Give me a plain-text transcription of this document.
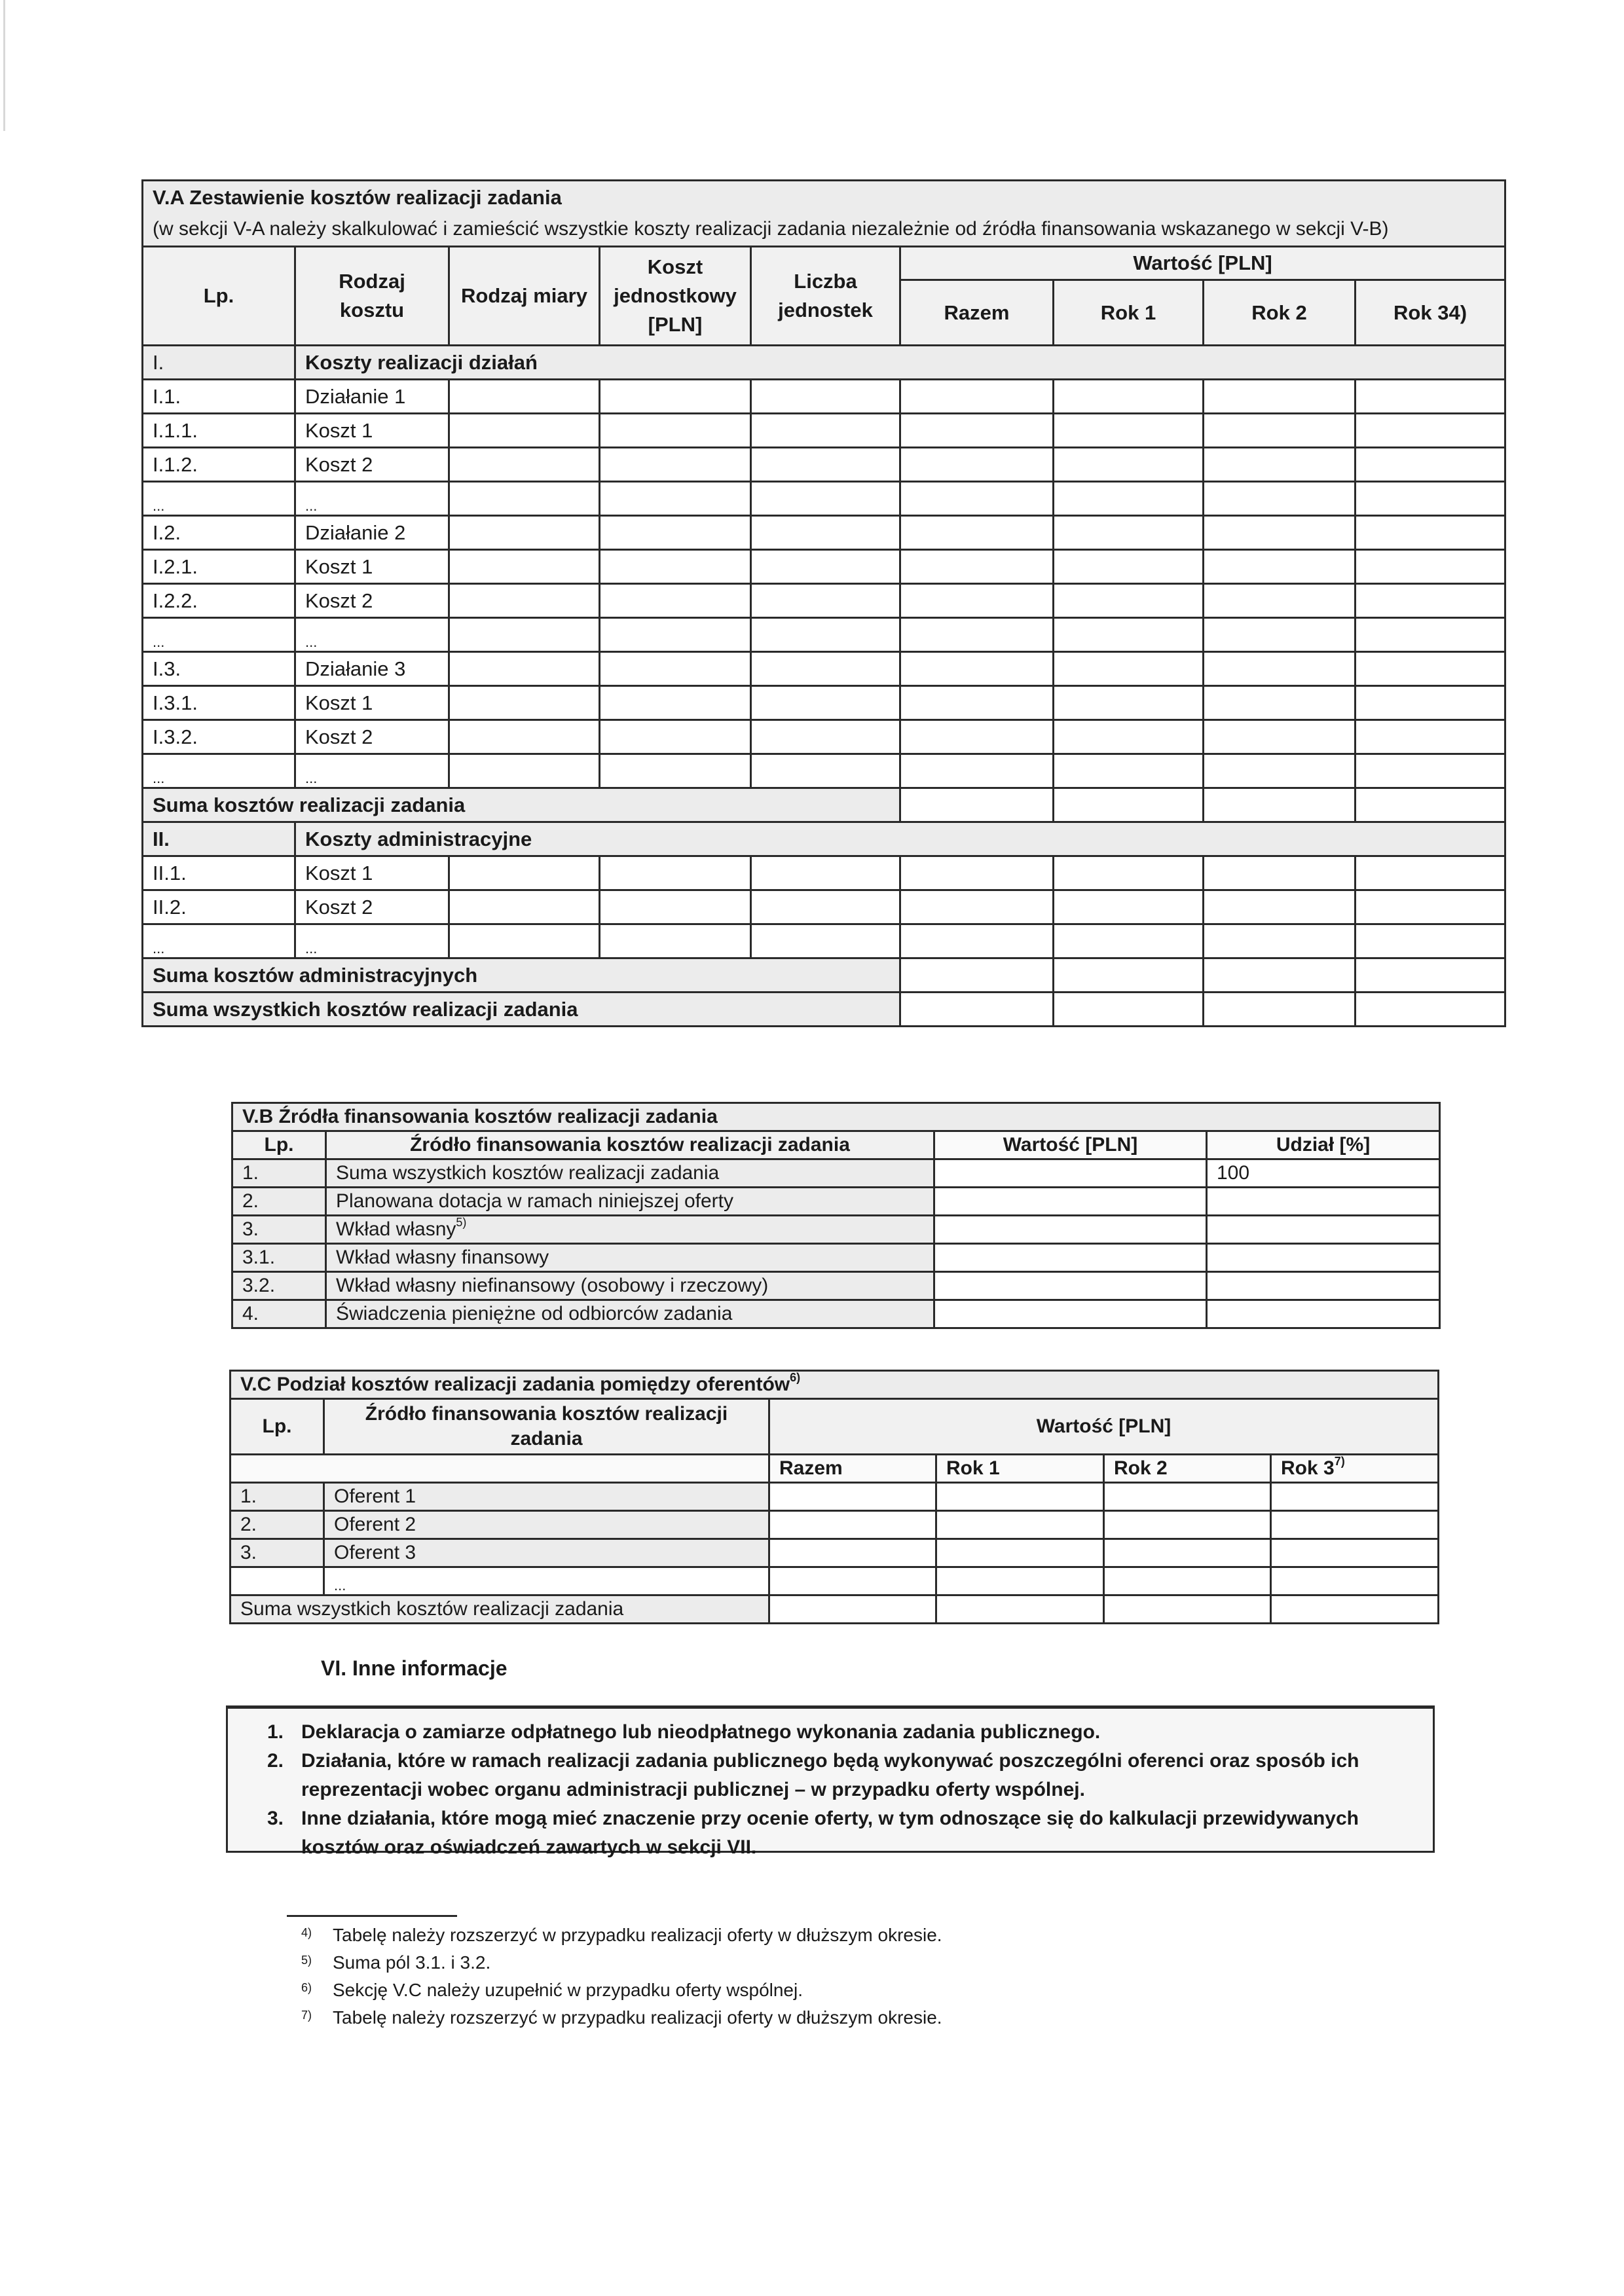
V.A Zestawienie kosztów realizacji zadania
(w sekcji V-A należy skalkulować i zamieścić wszystkie koszty realizacji zadania niezależnie od źródła finansowania wskazanego w sekcji V-B)								

Lp.	Rodzaj kosztu	Rodzaj miary	Koszt jednostkowy [PLN]	Liczba jednostek	Wartość [PLN]			
					Razem	Rok 1	Rok 2	Rok 34)
I.	Koszty realizacji działań							
I.1.	Działanie 1							
I.1.1.	Koszt 1							
I.1.2.	Koszt 2							
...	...							
I.2.	Działanie 2							
I.2.1.	Koszt 1							
I.2.2.	Koszt 2							
...	...							
I.3.	Działanie 3							
I.3.1.	Koszt 1							
I.3.2.	Koszt 2							
...	...							
Suma kosztów realizacji zadania								
II.	Koszty administracyjne							
II.1.	Koszt 1							
II.2.	Koszt 2							
...	...							
Suma kosztów administracyjnych								
Suma wszystkich kosztów realizacji zadania								
V.B Źródła finansowania kosztów realizacji zadania			
Lp.	Źródło finansowania kosztów realizacji zadania	Wartość [PLN]	Udział [%]
1.	Suma wszystkich kosztów realizacji zadania		100
2.	Planowana dotacja w ramach niniejszej oferty		
3.	Wkład własny$^{5)}$		
3.1.	Wkład własny finansowy		
3.2.	Wkład własny niefinansowy (osobowy i rzeczowy)		
4.	Świadczenia pieniężne od odbiorców zadania		
V.C Podział kosztów realizacji zadania pomiędzy oferentów$^{6)}$
Lp.	Źródło finansowania kosztów realizacji zadania	Wartość [PLN]			
		Razem	Rok 1	Rok 2	Rok 3$^{7)}$
1.	Oferent 1				
2.	Oferent 2				
3.	Oferent 3				
	...				
Suma wszystkich kosztów realizacji zadania					
VI. Inne informacje
1. Deklaracja o zamiarze odpłatnego lub nieodpłatnego wykonania zadania publicznego.
2. Działania, które w ramach realizacji zadania publicznego będą wykonywać poszczególni oferenci oraz sposób ich reprezentacji wobec organu administracji publicznej – w przypadku oferty wspólnej.
3. Inne działania, które mogą mieć znaczenie przy ocenie oferty, w tym odnoszące się do kalkulacji przewidywanych kosztów oraz oświadczeń zawartych w sekcji VII.
4)	Tabelę należy rozszerzyć w przypadku realizacji oferty w dłuższym okresie.
5)	Suma pól 3.1. i 3.2.
6)	Sekcję V.C należy uzupełnić w przypadku oferty wspólnej.
7)	Tabelę należy rozszerzyć w przypadku realizacji oferty w dłuższym okresie.
